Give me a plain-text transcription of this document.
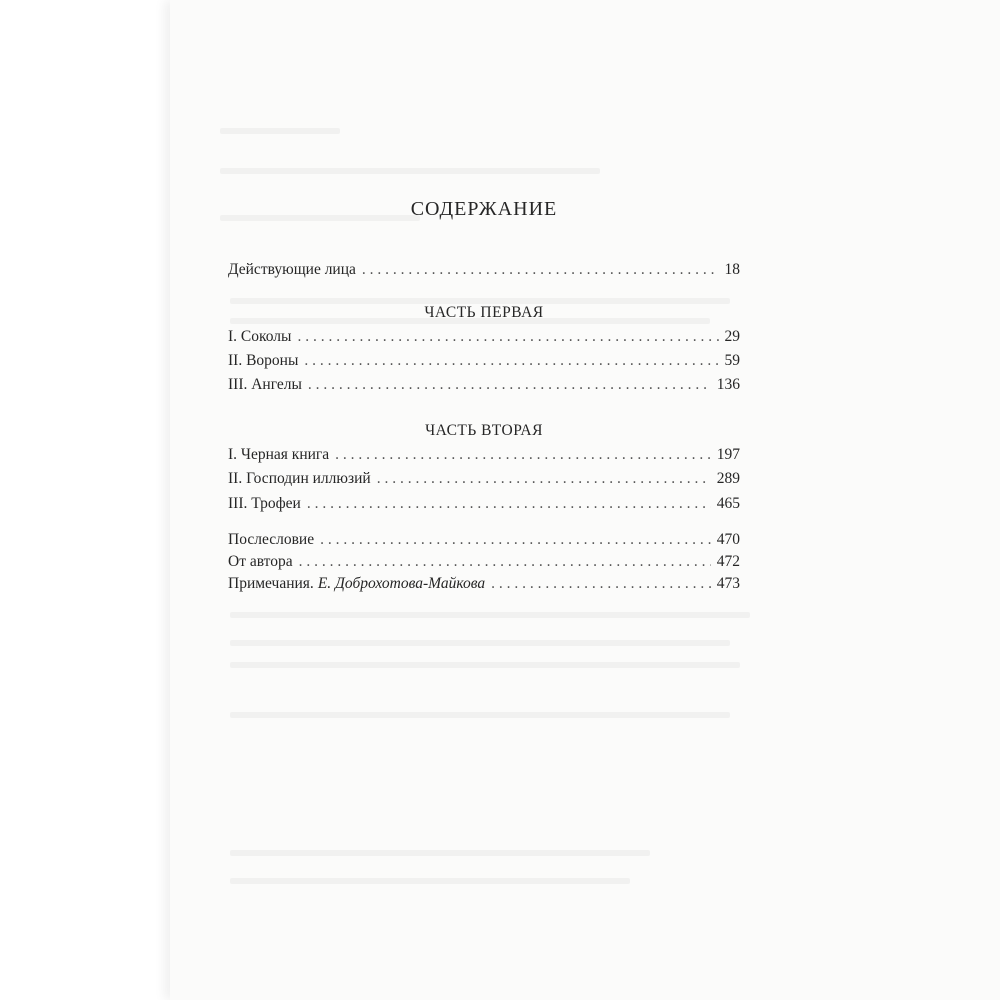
СОДЕРЖАНИЕ
Действующие лица . . .	18
ЧАСТЬ ПЕРВАЯ
I. Соколы . . .	29
II. Вороны . . .	59
III. Ангелы . . .	136
ЧАСТЬ ВТОРАЯ
I. Черная книга . . .	197
II. Господин иллюзий . . .	289
III. Трофеи . . .	465
Послесловие . . .	470
От автора . . .	472
Примечания. Е. Доброхотова-Майкова . . .	473
